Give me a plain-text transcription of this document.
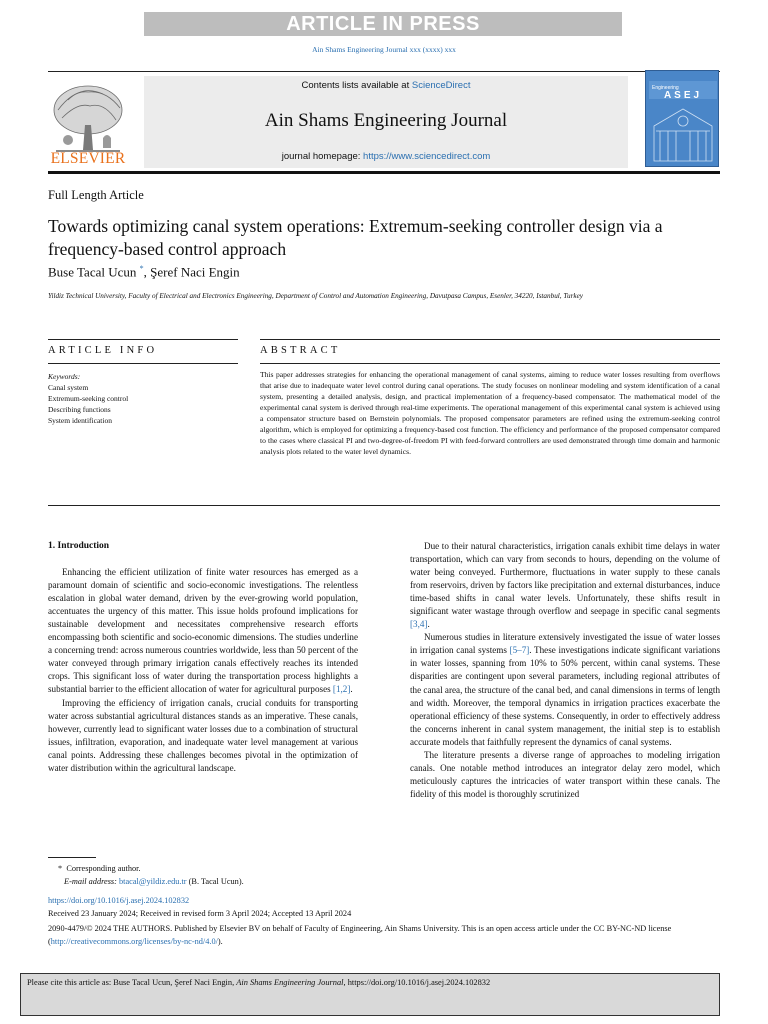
ARTICLE IN PRESS
Ain Shams Engineering Journal xxx (xxxx) xxx
ELSEVIER
Contents lists available at ScienceDirect
Ain Shams Engineering Journal
journal homepage: https://www.sciencedirect.com
Engineering
ASEJ
Full Length Article
Towards optimizing canal system operations: Extremum-seeking controller design via a frequency-based control approach
Buse Tacal Ucun *, Şeref Naci Engin
Yildiz Technical University, Faculty of Electrical and Electronics Engineering, Department of Control and Automation Engineering, Davutpasa Campus, Esenler, 34220, Istanbul, Turkey
ARTICLE INFO	ABSTRACT
Keywords:
Canal system
Extremum-seeking control
Describing functions
System identification
This paper addresses strategies for enhancing the operational management of canal systems, aiming to reduce water losses resulting from overflows that arise due to inadequate water level control during canal operations. The study focuses on nonlinear modeling and system identification of a canal system, presenting a detailed analysis, design, and practical implementation of a frequency-based compensator. The mathematical model of the experimental canal system is derived through real-time experiments. The operational management of this experimental canal system is achieved using a compensator structure based on Bernstein polynomials. The proposed compensator parameters are refined using the extremum-seeking control algorithm, which is employed for optimizing a frequency-based cost function. The efficiency and performance of the proposed compensator compared to the cases where classical PI and two-degree-of-freedom PI with feed-forward controllers are used demonstrated through time domain and harmonic analysis plots related to the water level dynamics.

1. Introduction

Enhancing the efficient utilization of finite water resources has emerged as a paramount domain of scientific and socio-economic investigations. The relentless escalation in global water demand, driven by the ever-growing world population, accentuates the urgency of this matter. This issue holds profound implications for sustainable development and necessitates comprehensive research efforts encompassing both scientific and socio-economic dimensions. The studies underline a concerning trend: across numerous countries worldwide, less than 50 percent of the water conveyed through primary irrigation canals effectively reaches its intended crops. This significant loss of water during the transportation process highlights a substantial barrier to the efficient allocation of water for agricultural purposes [1,2].

Improving the efficiency of irrigation canals, crucial conduits for transporting water across substantial agricultural distances stands as an imperative. These canals, however, currently lead to significant water losses due to a combination of structural issues, infiltration, evaporation, and inadequate water level management at various canal points. Addressing these challenges becomes pivotal in the optimization of water distribution within the agricultural landscape.

Due to their natural characteristics, irrigation canals exhibit time delays in water transportation, which can vary from seconds to hours, depending on the volume of water being conveyed. Furthermore, fluctuations in water supply to these canals from reservoirs, driven by factors like precipitation and external disturbances, induce time-based shifts in canal water levels. Unfortunately, these shifts result in significant water wastage through overflow and seepage in specific canal segments [3,4].

Numerous studies in literature extensively investigated the issue of water losses in irrigation canal systems [5–7]. These investigations indicate significant variations in water losses, spanning from 10% to 50% percent, within canal systems. These disparities are contingent upon several parameters, including regional attributes of the canal area, the structure of the canal bed, and canal dimensions in terms of length and width. Moreover, the temporal dynamics in irrigation practices exacerbate the operational efficiency of these systems. Consequently, in order to effectively address the concerns inherent in canal system management, the initial step is to establish accurate models that faithfully represent the dynamics of canal systems.

The literature presents a diverse range of approaches to modeling irrigation canals. One notable method introduces an integrator delay zero model, which meticulously captures the intricacies of water transport within these canals. The fidelity of this model is thoroughly scrutinized

* Corresponding author.
E-mail address: btacal@yildiz.edu.tr (B. Tacal Ucun).
https://doi.org/10.1016/j.asej.2024.102832
Received 23 January 2024; Received in revised form 3 April 2024; Accepted 13 April 2024
2090-4479/© 2024 THE AUTHORS. Published by Elsevier BV on behalf of Faculty of Engineering, Ain Shams University. This is an open access article under the CC BY-NC-ND license (http://creativecommons.org/licenses/by-nc-nd/4.0/).
Please cite this article as: Buse Tacal Ucun, Şeref Naci Engin, Ain Shams Engineering Journal, https://doi.org/10.1016/j.asej.2024.102832
